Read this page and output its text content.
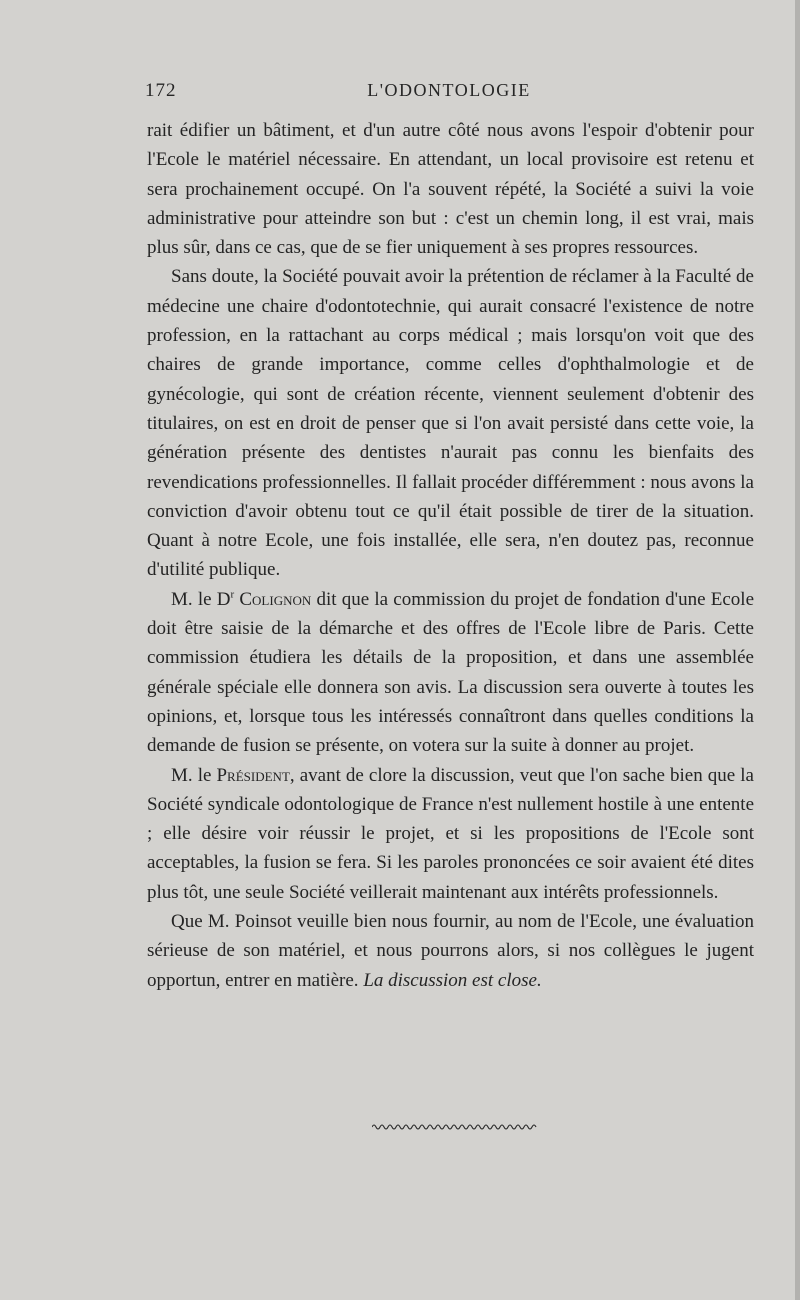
172	L'ODONTOLOGIE

rait édifier un bâtiment, et d'un autre côté nous avons l'espoir d'obtenir pour l'Ecole le matériel nécessaire. En attendant, un local provisoire est retenu et sera prochainement occupé. On l'a souvent répété, la Société a suivi la voie administrative pour atteindre son but : c'est un chemin long, il est vrai, mais plus sûr, dans ce cas, que de se fier uniquement à ses propres ressources.

Sans doute, la Société pouvait avoir la prétention de réclamer à la Faculté de médecine une chaire d'odontotechnie, qui aurait consacré l'existence de notre profession, en la rattachant au corps médical ; mais lorsqu'on voit que des chaires de grande importance, comme celles d'ophthalmologie et de gynécologie, qui sont de création récente, viennent seulement d'obtenir des titulaires, on est en droit de penser que si l'on avait persisté dans cette voie, la génération présente des dentistes n'aurait pas connu les bienfaits des revendications professionnelles. Il fallait procéder différemment : nous avons la conviction d'avoir obtenu tout ce qu'il était possible de tirer de la situation. Quant à notre Ecole, une fois installée, elle sera, n'en doutez pas, reconnue d'utilité publique.

M. le $D^r$ Colignon dit que la commission du projet de fondation d'une Ecole doit être saisie de la démarche et des offres de l'Ecole libre de Paris. Cette commission étudiera les détails de la proposition, et dans une assemblée générale spéciale elle donnera son avis. La discussion sera ouverte à toutes les opinions, et, lorsque tous les intéressés connaîtront dans quelles conditions la demande de fusion se présente, on votera sur la suite à donner au projet.

M. le Président, avant de clore la discussion, veut que l'on sache bien que la Société syndicale odontologique de France n'est nullement hostile à une entente ; elle désire voir réussir le projet, et si les propositions de l'Ecole sont acceptables, la fusion se fera. Si les paroles prononcées ce soir avaient été dites plus tôt, une seule Société veillerait maintenant aux intérêts professionnels.

Que M. Poinsot veuille bien nous fournir, au nom de l'Ecole, une évaluation sérieuse de son matériel, et nous pourrons alors, si nos collègues le jugent opportun, entrer en matière. La discussion est close.
